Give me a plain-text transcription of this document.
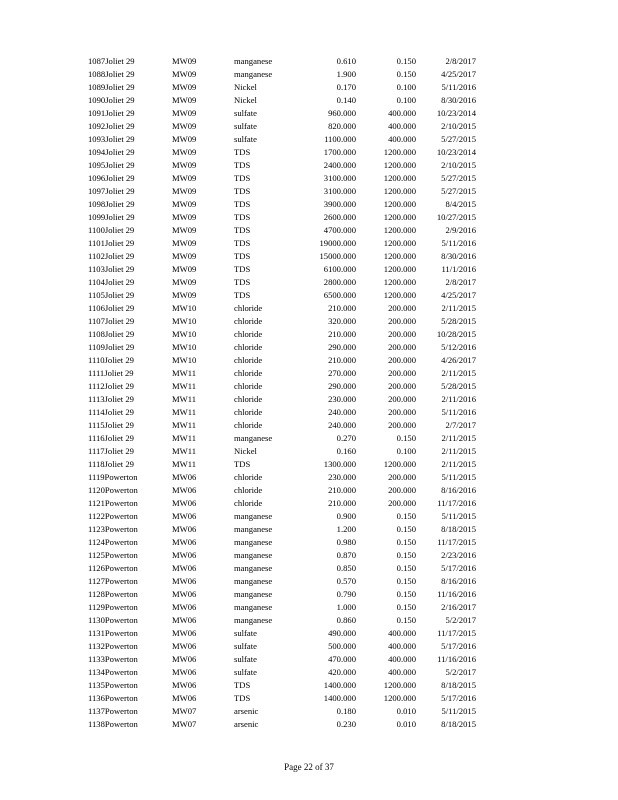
1087Joliet 29	MW09	manganese	0.610	0.150	2/8/2017
1088Joliet 29	MW09	manganese	1.900	0.150	4/25/2017
1089Joliet 29	MW09	Nickel	0.170	0.100	5/11/2016
1090Joliet 29	MW09	Nickel	0.140	0.100	8/30/2016
1091Joliet 29	MW09	sulfate	960.000	400.000	10/23/2014
1092Joliet 29	MW09	sulfate	820.000	400.000	2/10/2015
1093Joliet 29	MW09	sulfate	1100.000	400.000	5/27/2015
1094Joliet 29	MW09	TDS	1700.000	1200.000	10/23/2014
1095Joliet 29	MW09	TDS	2400.000	1200.000	2/10/2015
1096Joliet 29	MW09	TDS	3100.000	1200.000	5/27/2015
1097Joliet 29	MW09	TDS	3100.000	1200.000	5/27/2015
1098Joliet 29	MW09	TDS	3900.000	1200.000	8/4/2015
1099Joliet 29	MW09	TDS	2600.000	1200.000	10/27/2015
1100Joliet 29	MW09	TDS	4700.000	1200.000	2/9/2016
1101Joliet 29	MW09	TDS	19000.000	1200.000	5/11/2016
1102Joliet 29	MW09	TDS	15000.000	1200.000	8/30/2016
1103Joliet 29	MW09	TDS	6100.000	1200.000	11/1/2016
1104Joliet 29	MW09	TDS	2800.000	1200.000	2/8/2017
1105Joliet 29	MW09	TDS	6500.000	1200.000	4/25/2017
1106Joliet 29	MW10	chloride	210.000	200.000	2/11/2015
1107Joliet 29	MW10	chloride	320.000	200.000	5/28/2015
1108Joliet 29	MW10	chloride	210.000	200.000	10/28/2015
1109Joliet 29	MW10	chloride	290.000	200.000	5/12/2016
1110Joliet 29	MW10	chloride	210.000	200.000	4/26/2017
1111Joliet 29	MW11	chloride	270.000	200.000	2/11/2015
1112Joliet 29	MW11	chloride	290.000	200.000	5/28/2015
1113Joliet 29	MW11	chloride	230.000	200.000	2/11/2016
1114Joliet 29	MW11	chloride	240.000	200.000	5/11/2016
1115Joliet 29	MW11	chloride	240.000	200.000	2/7/2017
1116Joliet 29	MW11	manganese	0.270	0.150	2/11/2015
1117Joliet 29	MW11	Nickel	0.160	0.100	2/11/2015
1118Joliet 29	MW11	TDS	1300.000	1200.000	2/11/2015
1119Powerton	MW06	chloride	230.000	200.000	5/11/2015
1120Powerton	MW06	chloride	210.000	200.000	8/16/2016
1121Powerton	MW06	chloride	210.000	200.000	11/17/2016
1122Powerton	MW06	manganese	0.900	0.150	5/11/2015
1123Powerton	MW06	manganese	1.200	0.150	8/18/2015
1124Powerton	MW06	manganese	0.980	0.150	11/17/2015
1125Powerton	MW06	manganese	0.870	0.150	2/23/2016
1126Powerton	MW06	manganese	0.850	0.150	5/17/2016
1127Powerton	MW06	manganese	0.570	0.150	8/16/2016
1128Powerton	MW06	manganese	0.790	0.150	11/16/2016
1129Powerton	MW06	manganese	1.000	0.150	2/16/2017
1130Powerton	MW06	manganese	0.860	0.150	5/2/2017
1131Powerton	MW06	sulfate	490.000	400.000	11/17/2015
1132Powerton	MW06	sulfate	500.000	400.000	5/17/2016
1133Powerton	MW06	sulfate	470.000	400.000	11/16/2016
1134Powerton	MW06	sulfate	420.000	400.000	5/2/2017
1135Powerton	MW06	TDS	1400.000	1200.000	8/18/2015
1136Powerton	MW06	TDS	1400.000	1200.000	5/17/2016
1137Powerton	MW07	arsenic	0.180	0.010	5/11/2015
1138Powerton	MW07	arsenic	0.230	0.010	8/18/2015
Page 22 of 37
